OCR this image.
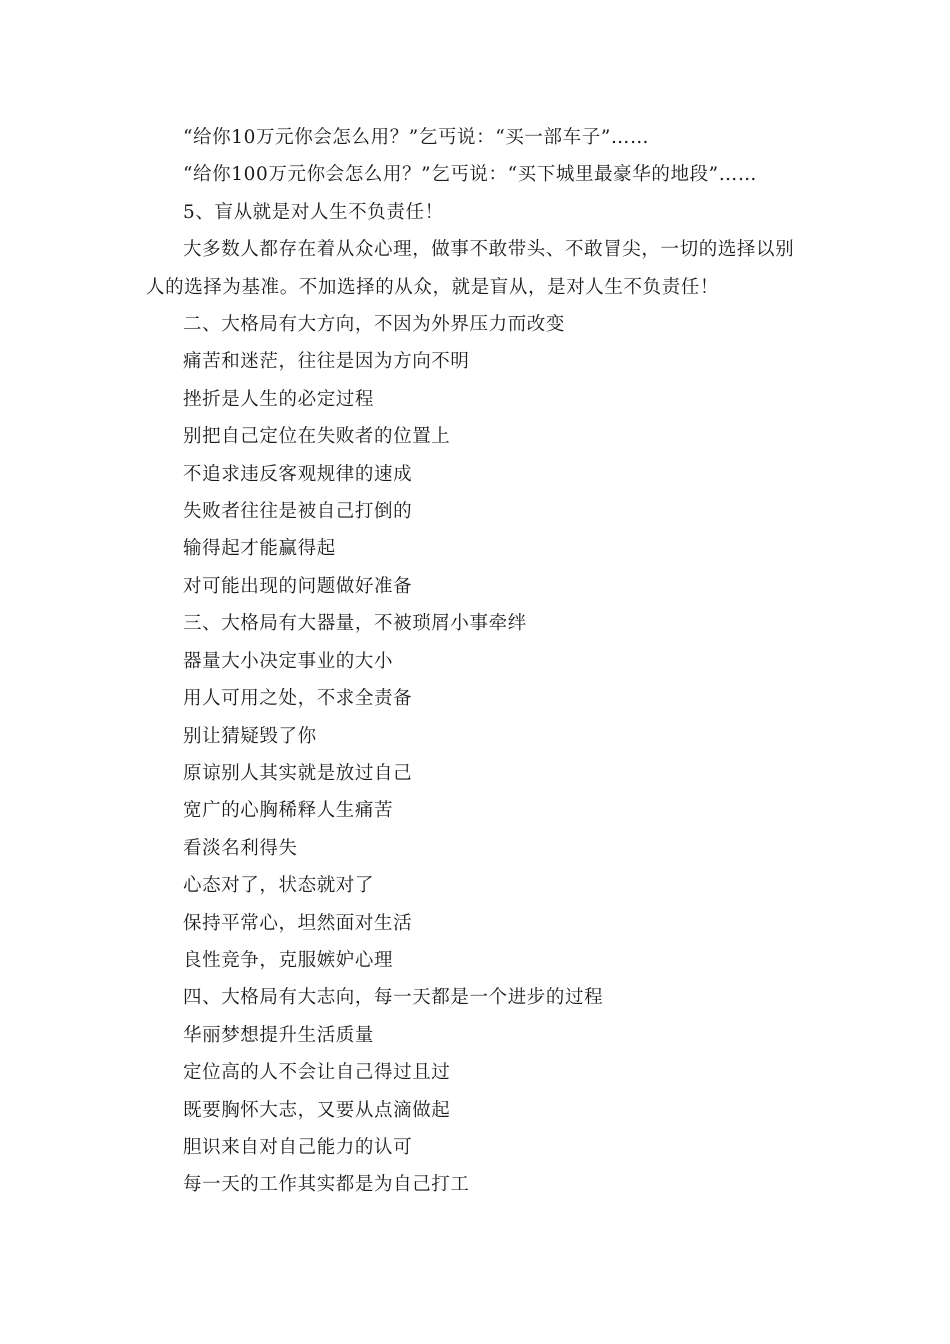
“给你10万元你会怎么用？”乞丐说：“买一部车子”……

“给你100万元你会怎么用？”乞丐说：“买下城里最豪华的地段”……

5、盲从就是对人生不负责任！

大多数人都存在着从众心理，做事不敢带头、不敢冒尖，一切的选择以别人的选择为基准。不加选择的从众，就是盲从，是对人生不负责任！

二、大格局有大方向，不因为外界压力而改变

痛苦和迷茫，往往是因为方向不明

挫折是人生的必定过程

别把自己定位在失败者的位置上

不追求违反客观规律的速成

失败者往往是被自己打倒的

输得起才能赢得起

对可能出现的问题做好准备

三、大格局有大器量，不被琐屑小事牵绊

器量大小决定事业的大小

用人可用之处，不求全责备

别让猜疑毁了你

原谅别人其实就是放过自己

宽广的心胸稀释人生痛苦

看淡名利得失

心态对了，状态就对了

保持平常心，坦然面对生活

良性竞争，克服嫉妒心理

四、大格局有大志向，每一天都是一个进步的过程

华丽梦想提升生活质量

定位高的人不会让自己得过且过

既要胸怀大志，又要从点滴做起

胆识来自对自己能力的认可

每一天的工作其实都是为自己打工
